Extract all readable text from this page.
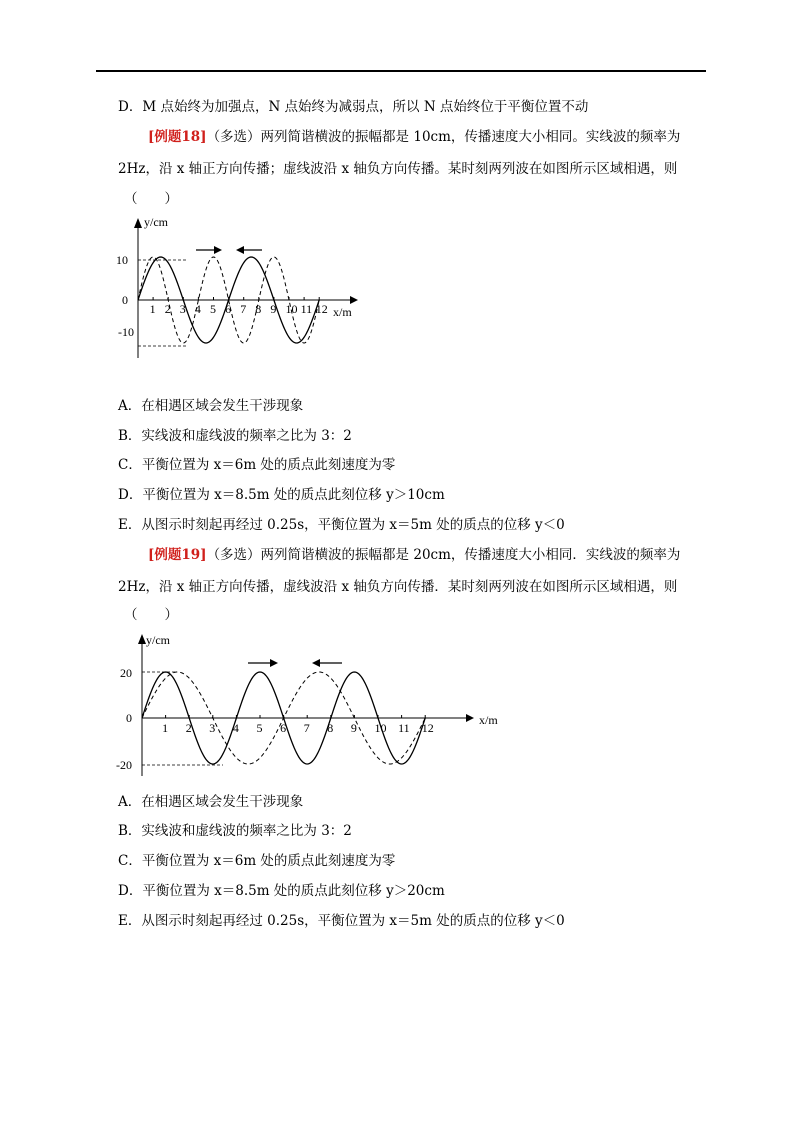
D．M 点始终为加强点，N 点始终为减弱点，所以 N 点始终位于平衡位置不动
[例题18]（多选）两列简谐横波的振幅都是 10cm，传播速度大小相同。实线波的频率为
2Hz，沿 x 轴正方向传播；虚线波沿 x 轴负方向传播。某时刻两列波在如图所示区域相遇，则
（　　）
y/cm
x/m
10
0
-10
1 2 3 4 5 6 7 8 9 10 11 12
A．在相遇区域会发生干涉现象
B．实线波和虚线波的频率之比为 3：2
C．平衡位置为 x＝6m 处的质点此刻速度为零
D．平衡位置为 x＝8.5m 处的质点此刻位移 y＞10cm
E．从图示时刻起再经过 0.25s，平衡位置为 x＝5m 处的质点的位移 y＜0
[例题19]（多选）两列简谐横波的振幅都是 20cm，传播速度大小相同．实线波的频率为
2Hz，沿 x 轴正方向传播，虚线波沿 x 轴负方向传播．某时刻两列波在如图所示区域相遇，则
（　　）
y/cm
x/m
20
0
-20
1 2 3 4 5 6 7 8 9 10 11 12
A．在相遇区域会发生干涉现象
B．实线波和虚线波的频率之比为 3：2
C．平衡位置为 x＝6m 处的质点此刻速度为零
D．平衡位置为 x＝8.5m 处的质点此刻位移 y＞20cm
E．从图示时刻起再经过 0.25s，平衡位置为 x＝5m 处的质点的位移 y＜0
